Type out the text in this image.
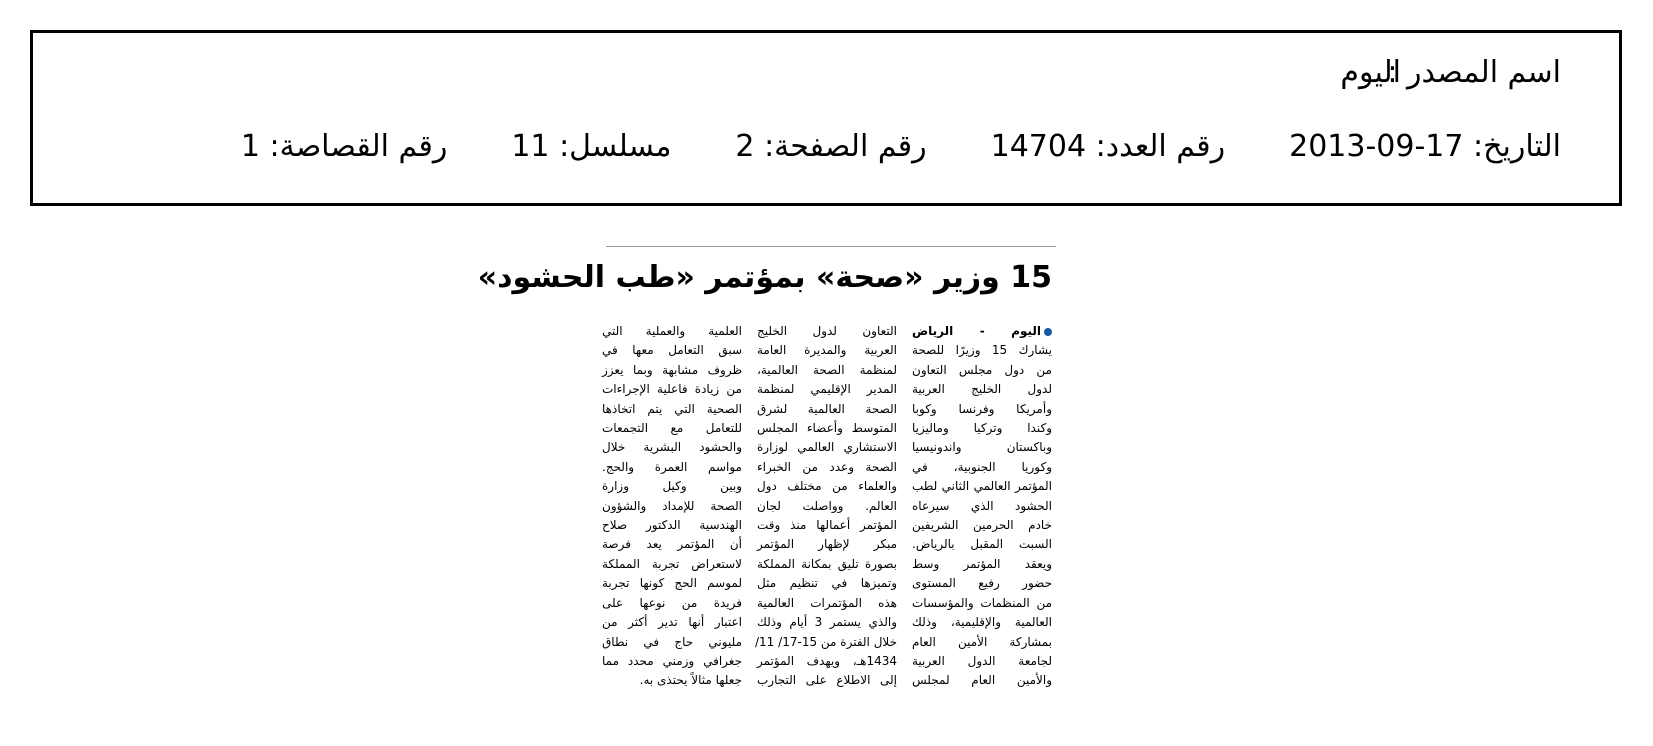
اسم المصدر :
اليوم
التاريخ: 2013-09-17
رقم العدد: 14704
رقم الصفحة: 2
مسلسل: 11
رقم القصاصة: 1
15 وزير «صحة» بمؤتمر «طب الحشود»
اليوم - الرياض
يشارك 15 وزيرًا للصحة
من دول مجلس التعاون
لدول الخليج العربية
وأمريكا وفرنسا وكوبا
وكندا وتركيا وماليزيا
وباكستان واندونيسيا
وكوريا الجنوبية، في
المؤتمر العالمي الثاني لطب
الحشود الذي سيرعاه
خادم الحرمين الشريفين
السبت المقبل بالرياض.
ويعقد المؤتمر وسط
حضور رفيع المستوى
من المنظمات والمؤسسات
العالمية والإقليمية، وذلك
بمشاركة الأمين العام
لجامعة الدول العربية
والأمين العام لمجلس
التعاون لدول الخليج
العربية والمديرة العامة
لمنظمة الصحة العالمية،
المدير الإقليمي لمنظمة
الصحة العالمية لشرق
المتوسط وأعضاء المجلس
الاستشاري العالمي لوزارة
الصحة وعدد من الخبراء
والعلماء من مختلف دول
العالم. وواصلت لجان
المؤتمر أعمالها منذ وقت
مبكر لإظهار المؤتمر
بصورة تليق بمكانة المملكة
وتميزها في تنظيم مثل
هذه المؤتمرات العالمية
والذي يستمر 3 أيام وذلك
خلال الفترة من 15-17/ 11/
1434هـ، ويهدف المؤتمر
إلى الاطلاع على التجارب
العلمية والعملية التي
سبق التعامل معها في
ظروف مشابهة وبما يعزز
من زيادة فاعلية الإجراءات
الصحية التي يتم اتخاذها
للتعامل مع التجمعات
والحشود البشرية خلال
مواسم العمرة والحج.
وبين وكيل وزارة
الصحة للإمداد والشؤون
الهندسية الدكتور صلاح
أن المؤتمر يعد فرصة
لاستعراض تجربة المملكة
لموسم الحج كونها تجربة
فريدة من نوعها على
اعتبار أنها تدير أكثر من
مليوني حاج في نطاق
جغرافي وزمني محدد مما
جعلها مثالاً يحتذى به.
